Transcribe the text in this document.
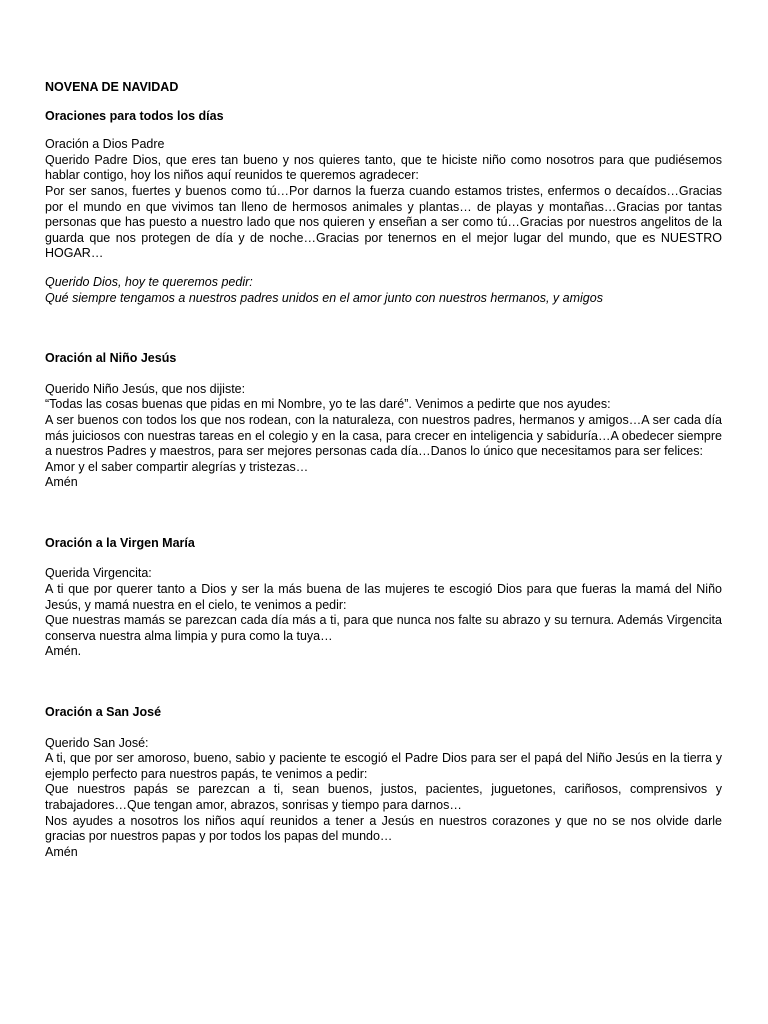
NOVENA DE NAVIDAD
Oraciones para todos los días

Oración a Dios Padre

Querido Padre Dios, que eres tan bueno y nos quieres tanto, que te hiciste niño como nosotros para que pudiésemos hablar contigo, hoy los niños aquí reunidos te queremos agradecer:

Por ser sanos, fuertes y buenos como tú…Por darnos la fuerza cuando estamos tristes, enfermos o decaídos…Gracias por el mundo en que vivimos tan lleno de hermosos animales y plantas… de playas y montañas…Gracias por tantas personas que has puesto a nuestro lado que nos quieren y enseñan a ser como tú…Gracias por nuestros angelitos de la guarda que nos protegen de día y de noche…Gracias por tenernos en el mejor lugar del mundo, que es NUESTRO HOGAR…

Querido Dios, hoy te queremos pedir:

Qué siempre tengamos a nuestros padres unidos en el amor junto con nuestros hermanos, y amigos

Oración al Niño Jesús

Querido Niño Jesús, que nos dijiste:

“Todas las cosas buenas que pidas en mi Nombre, yo te las daré”. Venimos a pedirte que nos ayudes:

A ser buenos con todos los que nos rodean, con la naturaleza, con nuestros padres, hermanos y amigos…A ser cada día más juiciosos con nuestras tareas en el colegio y en la casa, para crecer en inteligencia y sabiduría…A obedecer siempre a nuestros Padres y maestros, para ser mejores personas cada día…Danos lo único que necesitamos para ser felices:

Amor y el saber compartir alegrías y tristezas…

Amén

Oración a la Virgen María

Querida Virgencita:

A ti que por querer tanto a Dios y ser la más buena de las mujeres te escogió Dios para que fueras la mamá del Niño Jesús, y mamá nuestra en el cielo, te venimos a pedir:

Que nuestras mamás se parezcan cada día más a ti, para que nunca nos falte su abrazo y su ternura. Además Virgencita conserva nuestra alma limpia y pura como la tuya…

Amén.

Oración a San José

Querido San José:

A ti, que por ser amoroso, bueno, sabio y paciente te escogió el Padre Dios para ser el papá del Niño Jesús en la tierra y ejemplo perfecto para nuestros papás, te venimos a pedir:

Que nuestros papás se parezcan a ti, sean buenos, justos, pacientes, juguetones, cariñosos, comprensivos y trabajadores…Que tengan amor, abrazos, sonrisas y tiempo para darnos…

Nos ayudes a nosotros los niños aquí reunidos a tener a Jesús en nuestros corazones y que no se nos olvide darle gracias por nuestros papas y por todos los papas del mundo…

Amén
